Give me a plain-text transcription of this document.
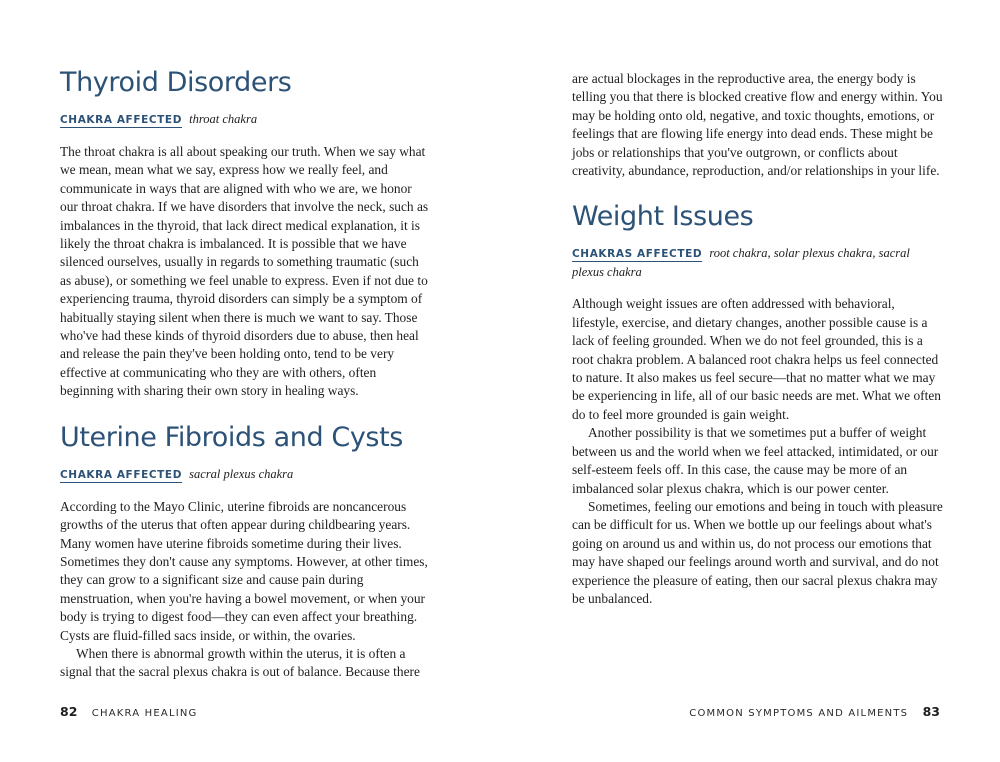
Thyroid Disorders
CHAKRA AFFECTED throat chakra

The throat chakra is all about speaking our truth. When we say what we mean, mean what we say, express how we really feel, and communicate in ways that are aligned with who we are, we honor our throat chakra. If we have disorders that involve the neck, such as imbalances in the thyroid, that lack direct medical explanation, it is likely the throat chakra is imbalanced. It is possible that we have silenced ourselves, usually in regards to something traumatic (such as abuse), or something we feel unable to express. Even if not due to experiencing trauma, thyroid disorders can simply be a symptom of habitually staying silent when there is much we want to say. Those who've had these kinds of thyroid disorders due to abuse, then heal and release the pain they've been holding onto, tend to be very effective at communicating who they are with others, often beginning with sharing their own story in healing ways.

Uterine Fibroids and Cysts
CHAKRA AFFECTED sacral plexus chakra

According to the Mayo Clinic, uterine fibroids are noncancerous growths of the uterus that often appear during childbearing years. Many women have uterine fibroids sometime during their lives. Sometimes they don't cause any symptoms. However, at other times, they can grow to a significant size and cause pain during menstruation, when you're having a bowel movement, or when your body is trying to digest food—they can even affect your breathing. Cysts are fluid-filled sacs inside, or within, the ovaries.

When there is abnormal growth within the uterus, it is often a signal that the sacral plexus chakra is out of balance. Because there

82 CHAKRA HEALING

are actual blockages in the reproductive area, the energy body is telling you that there is blocked creative flow and energy within. You may be holding onto old, negative, and toxic thoughts, emotions, or feelings that are flowing life energy into dead ends. These might be jobs or relationships that you've outgrown, or conflicts about creativity, abundance, reproduction, and/or relationships in your life.

Weight Issues
CHAKRAS AFFECTED root chakra, solar plexus chakra, sacral plexus chakra

Although weight issues are often addressed with behavioral, lifestyle, exercise, and dietary changes, another possible cause is a lack of feeling grounded. When we do not feel grounded, this is a root chakra problem. A balanced root chakra helps us feel connected to nature. It also makes us feel secure—that no matter what we may be experiencing in life, all of our basic needs are met. What we often do to feel more grounded is gain weight.

Another possibility is that we sometimes put a buffer of weight between us and the world when we feel attacked, intimidated, or our self-esteem feels off. In this case, the cause may be more of an imbalanced solar plexus chakra, which is our power center.

Sometimes, feeling our emotions and being in touch with pleasure can be difficult for us. When we bottle up our feelings about what's going on around us and within us, do not process our emotions that may have shaped our feelings around worth and survival, and do not experience the pleasure of eating, then our sacral plexus chakra may be unbalanced.

COMMON SYMPTOMS AND AILMENTS 83
